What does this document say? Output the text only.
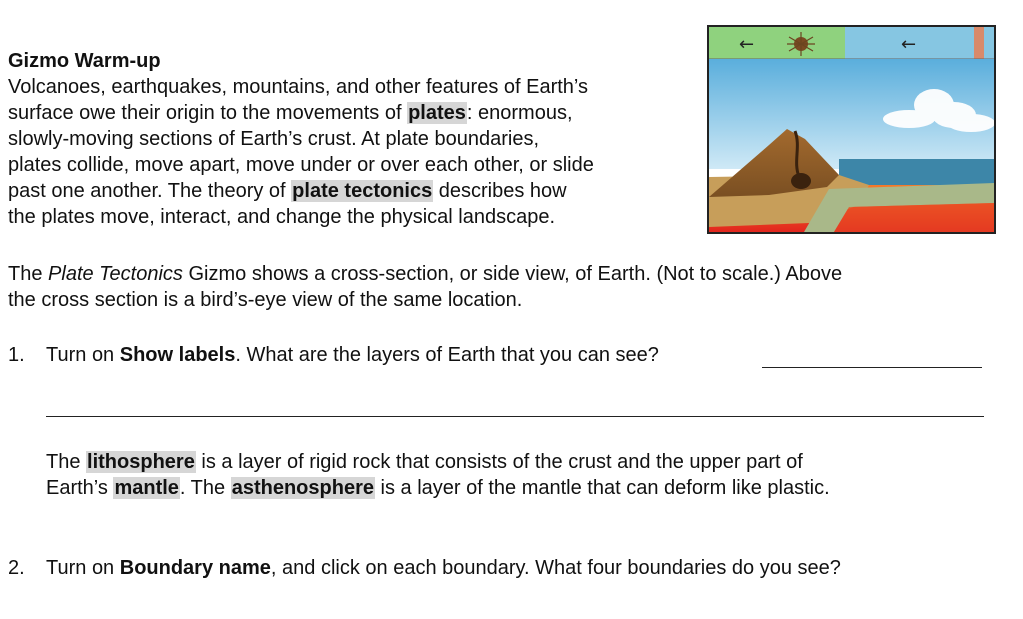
Gizmo Warm-up
Volcanoes, earthquakes, mountains, and other features of Earth’s
surface owe their origin to the movements of plates: enormous,
slowly-moving sections of Earth’s crust. At plate boundaries,
plates collide, move apart, move under or over each other, or slide
past one another. The theory of plate tectonics describes how
the plates move, interact, and change the physical landscape.
←	←
The Plate Tectonics Gizmo shows a cross-section, or side view, of Earth. (Not to scale.) Above
the cross section is a bird’s-eye view of the same location.
1. Turn on Show labels. What are the layers of Earth that you can see?
The lithosphere is a layer of rigid rock that consists of the crust and the upper part of
Earth’s mantle. The asthenosphere is a layer of the mantle that can deform like plastic.
2. Turn on Boundary name, and click on each boundary. What four boundaries do you see?
